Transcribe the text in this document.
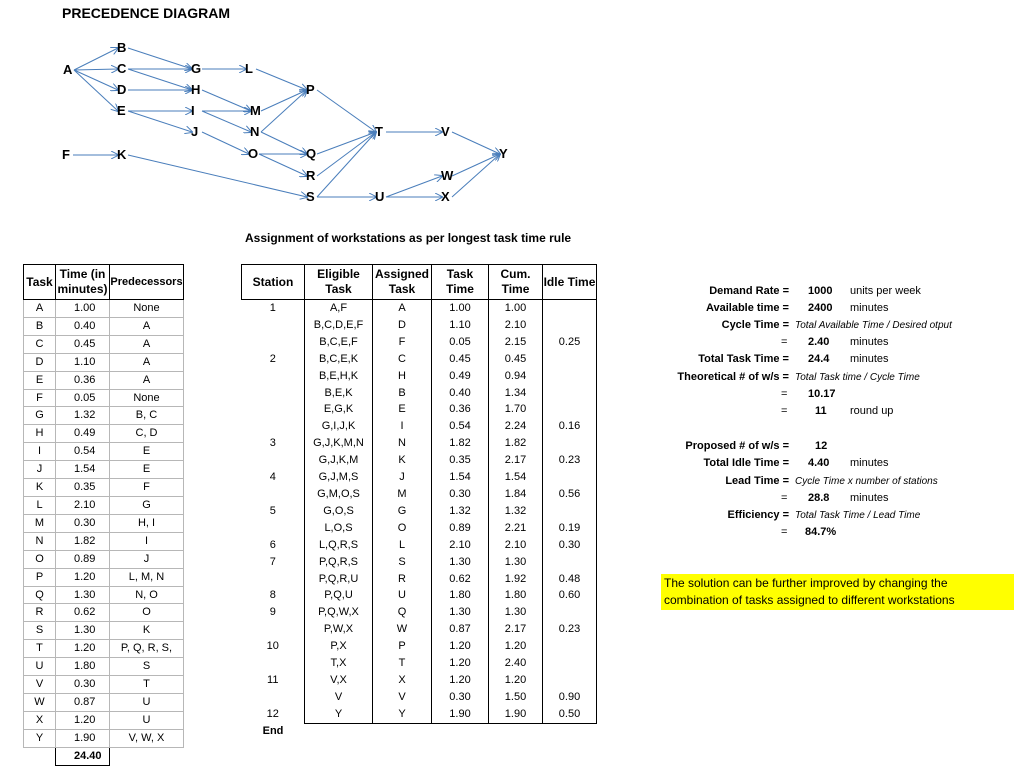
PRECEDENCE DIAGRAM
A
B
C
D
E
F
G
H
I
J
K
L
M
N
O
P
Q
R
S
T
U
V
W
X
Y
Assignment of workstations as per longest task time rule
Task	Time (in minutes)	Predecessors
A	1.00	None
B	0.40	A
C	0.45	A
D	1.10	A
E	0.36	A
F	0.05	None
G	1.32	B, C
H	0.49	C, D
I	0.54	E
J	1.54	E
K	0.35	F
L	2.10	G
M	0.30	H, I
N	1.82	I
O	0.89	J
P	1.20	L, M, N
Q	1.30	N, O
R	0.62	O
S	1.30	K
T	1.20	P, Q, R, S,
U	1.80	S
V	0.30	T
W	0.87	U
X	1.20	U
Y	1.90	V, W, X
	24.40	
Station	Eligible Task	Assigned Task	Task Time	Cum. Time	Idle Time
1	A,F	A	1.00	1.00	
	B,C,D,E,F	D	1.10	2.10	
	B,C,E,F	F	0.05	2.15	0.25
2	B,C,E,K	C	0.45	0.45	
	B,E,H,K	H	0.49	0.94	
	B,E,K	B	0.40	1.34	
	E,G,K	E	0.36	1.70	
	G,I,J,K	I	0.54	2.24	0.16
3	G,J,K,M,N	N	1.82	1.82	
	G,J,K,M	K	0.35	2.17	0.23
4	G,J,M,S	J	1.54	1.54	
	G,M,O,S	M	0.30	1.84	0.56
5	G,O,S	G	1.32	1.32	
	L,O,S	O	0.89	2.21	0.19
6	L,Q,R,S	L	2.10	2.10	0.30
7	P,Q,R,S	S	1.30	1.30	
	P,Q,R,U	R	0.62	1.92	0.48
8	P,Q,U	U	1.80	1.80	0.60
9	P,Q,W,X	Q	1.30	1.30	
	P,W,X	W	0.87	2.17	0.23
10	P,X	P	1.20	1.20	
	T,X	T	1.20	2.40	
11	V,X	X	1.20	1.20	
	V	V	0.30	1.50	0.90
12	Y	Y	1.90	1.90	0.50
End					
Demand Rate = 1000 units per week
Available time = 2400 minutes
Cycle Time = Total Available Time / Desired otput
= 2.40 minutes
Total Task Time = 24.4 minutes
Theoretical # of w/s = Total Task time / Cycle Time
= 10.17
=	11 round up
Proposed # of w/s = 12
Total Idle Time = 4.40 minutes
Lead Time = Cycle Time x number of stations
= 28.8 minutes
Efficiency = Total Task Time / Lead Time
= 84.7%
The solution can be further improved by changing the combination of tasks assigned to different workstations
